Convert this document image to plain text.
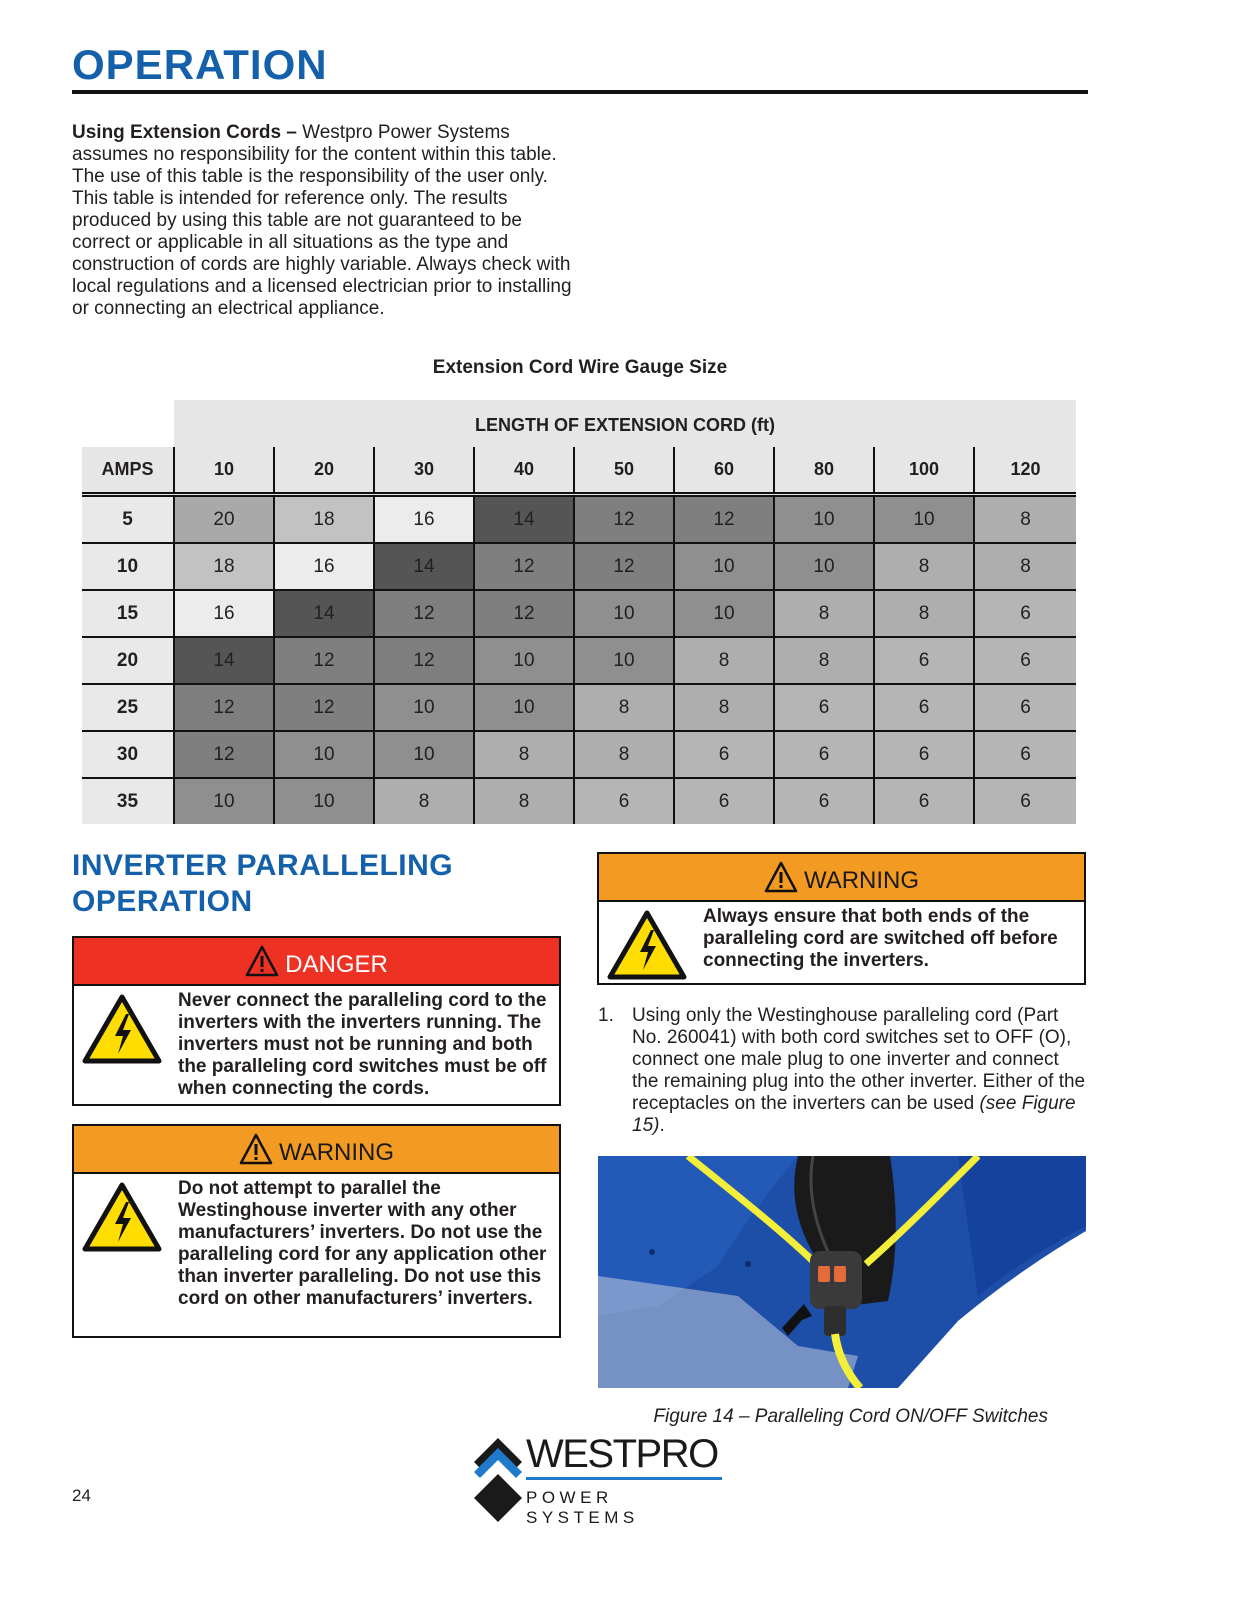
OPERATION
Using Extension Cords – Westpro Power Systems assumes no responsibility for the content within this table. The use of this table is the responsibility of the user only. This table is intended for reference only. The results produced by using this table are not guaranteed to be correct or applicable in all situations as the type and construction of cords are highly variable. Always check with local regulations and a licensed electrician prior to installing or connecting an electrical appliance.
Extension Cord Wire Gauge Size
LENGTH OF EXTENSION CORD (ft)
AMPS	10	20	30	40	50	60	80	100	120
5	20	18	16	14	12	12	10	10	8
10	18	16	14	12	12	10	10	8	8
15	16	14	12	12	10	10	8	8	6
20	14	12	12	10	10	8	8	6	6
25	12	12	10	10	8	8	6	6	6
30	12	10	10	8	8	6	6	6	6
35	10	10	8	8	6	6	6	6	6
INVERTER PARALLELING
OPERATION
DANGER
Never connect the paralleling cord to the inverters with the inverters running. The inverters must not be running and both the paralleling cord switches must be off when connecting the cords.
WARNING
Do not attempt to parallel the Westinghouse inverter with any other manufacturers’ inverters. Do not use the paralleling cord for any application other than inverter paralleling. Do not use this cord on other manufacturers’ inverters.
WARNING
Always ensure that both ends of the paralleling cord are switched off before connecting the inverters.
1. Using only the Westinghouse paralleling cord (Part No. 260041) with both cord switches set to OFF (O), connect one male plug to one inverter and connect the remaining plug into the other inverter. Either of the receptacles on the inverters can be used (see Figure 15).
Figure 14 – Paralleling Cord ON/OFF Switches
24
WESTPRO
POWER SYSTEMS
